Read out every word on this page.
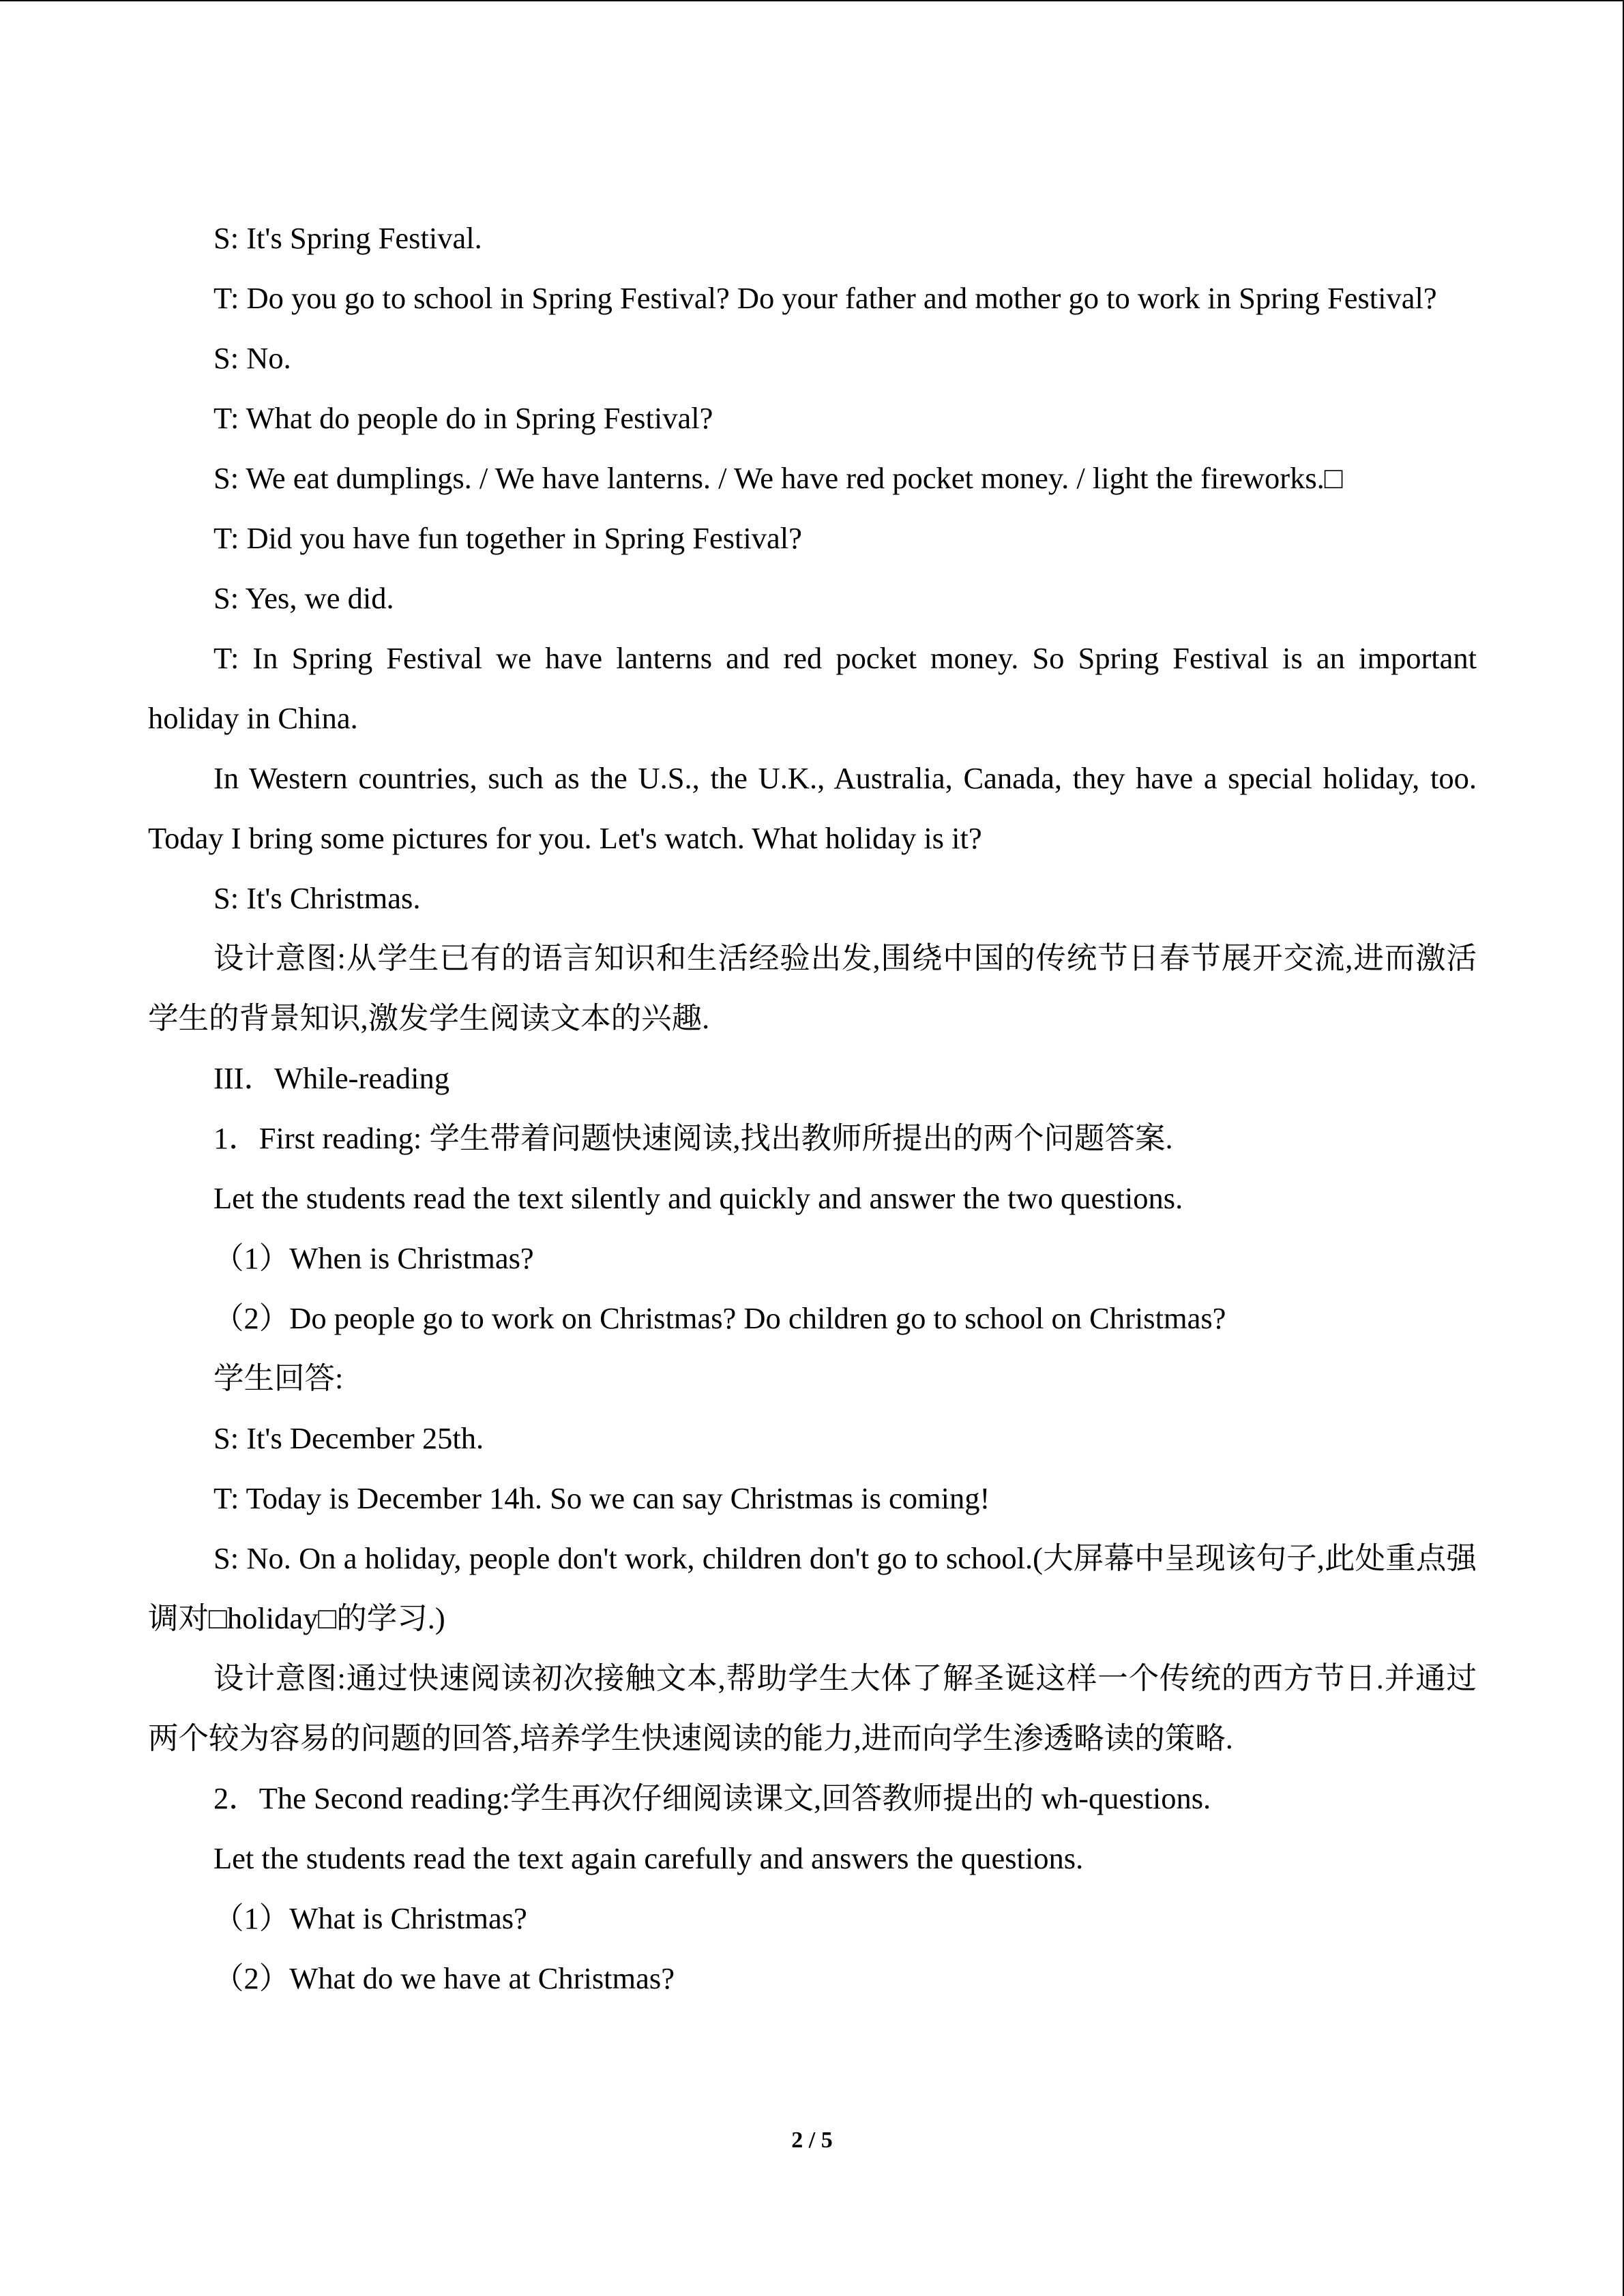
S: It's Spring Festival.

T: Do you go to school in Spring Festival? Do your father and mother go to work in Spring Festival?

S: No.

T: What do people do in Spring Festival?

S: We eat dumplings. / We have lanterns. / We have red pocket money. / light the fireworks.□

T: Did you have fun together in Spring Festival?

S: Yes, we did.

T: In Spring Festival we have lanterns and red pocket money. So Spring Festival is an important holiday in China.

In Western countries, such as the U.S., the U.K., Australia, Canada, they have a special holiday, too. Today I bring some pictures for you. Let's watch. What holiday is it?

S: It's Christmas.

设计意图:从学生已有的语言知识和生活经验出发,围绕中国的传统节日春节展开交流,进而激活学生的背景知识,激发学生阅读文本的兴趣.

III．While-reading

1．First reading: 学生带着问题快速阅读,找出教师所提出的两个问题答案.

Let the students read the text silently and quickly and answer the two questions.

（1）When is Christmas?

（2）Do people go to work on Christmas? Do children go to school on Christmas?

学生回答:

S: It's December 25th.

T: Today is December 14h. So we can say Christmas is coming!

S: No. On a holiday, people don't work, children don't go to school.(大屏幕中呈现该句子,此处重点强调对□holiday□的学习.)

设计意图:通过快速阅读初次接触文本,帮助学生大体了解圣诞这样一个传统的西方节日.并通过两个较为容易的问题的回答,培养学生快速阅读的能力,进而向学生渗透略读的策略.

2．The Second reading:学生再次仔细阅读课文,回答教师提出的 wh-questions.

Let the students read the text again carefully and answers the questions.

（1）What is Christmas?

（2）What do we have at Christmas?

2 / 5
